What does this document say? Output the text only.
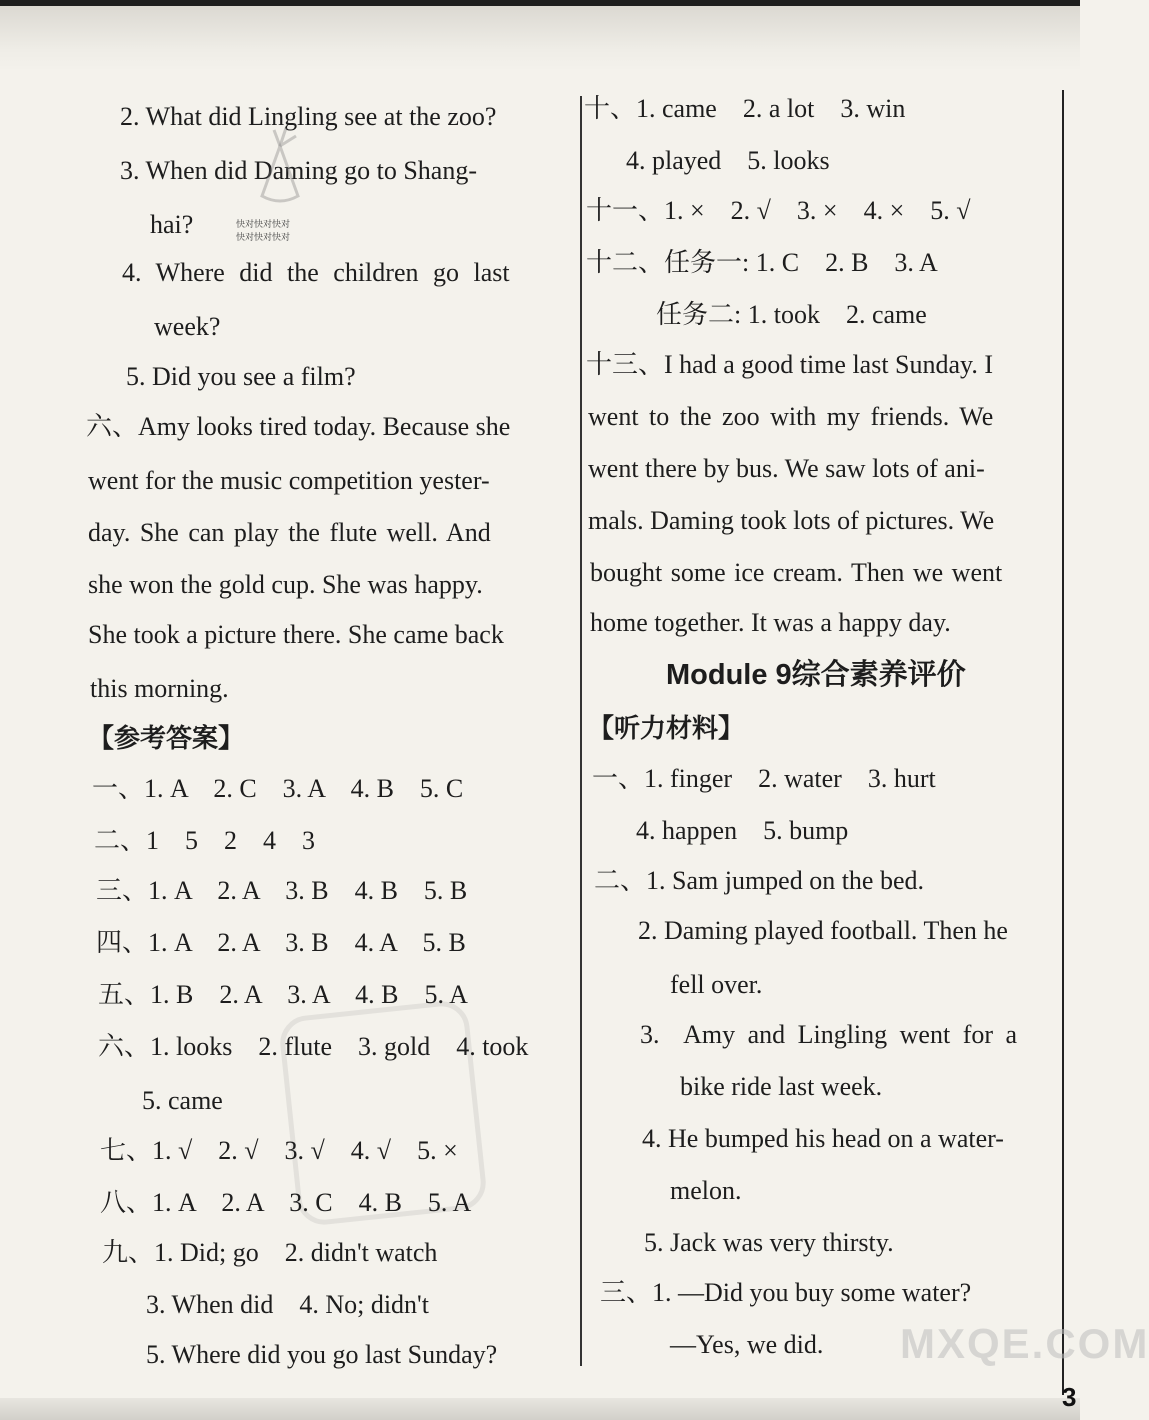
2. What did Lingling see at the zoo?
3. When did Daming go to Shang-
hai?
4. Where did the children go last
week?
5. Did you see a film?
六、Amy looks tired today. Because she
went for the music competition yester-
day. She can play the flute well. And
she won the gold cup. She was happy.
She took a picture there. She came back
this morning.
【参考答案】
一、1. A    2. C    3. A    4. B    5. C
二、1    5    2    4    3
三、1. A    2. A    3. B    4. B    5. B
四、1. A    2. A    3. B    4. A    5. B
五、1. B    2. A    3. A    4. B    5. A
六、1. looks    2. flute    3. gold    4. took
5. came
七、1. √    2. √    3. √    4. √    5. ×
八、1. A    2. A    3. C    4. B    5. A
九、1. Did; go    2. didn't watch
3. When did    4. No; didn't
5. Where did you go last Sunday?
快对快对快对
快对快对快对
十、1. came    2. a lot    3. win
4. played    5. looks
十一、1. ×    2. √    3. ×    4. ×    5. √
十二、任务一: 1. C    2. B    3. A
任务二: 1. took    2. came
十三、I had a good time last Sunday. I
went to the zoo with my friends. We
went there by bus. We saw lots of ani-
mals. Daming took lots of pictures. We
bought some ice cream. Then we went
home together. It was a happy day.
Module 9综合素养评价
【听力材料】
一、1. finger    2. water    3. hurt
4. happen    5. bump
二、1. Sam jumped on the bed.
2. Daming played football. Then he
fell over.
3.  Amy and Lingling went for a
bike ride last week.
4. He bumped his head on a water-
melon.
5. Jack was very thirsty.
三、1. —Did you buy some water?
—Yes, we did. MXQE.COM
3
